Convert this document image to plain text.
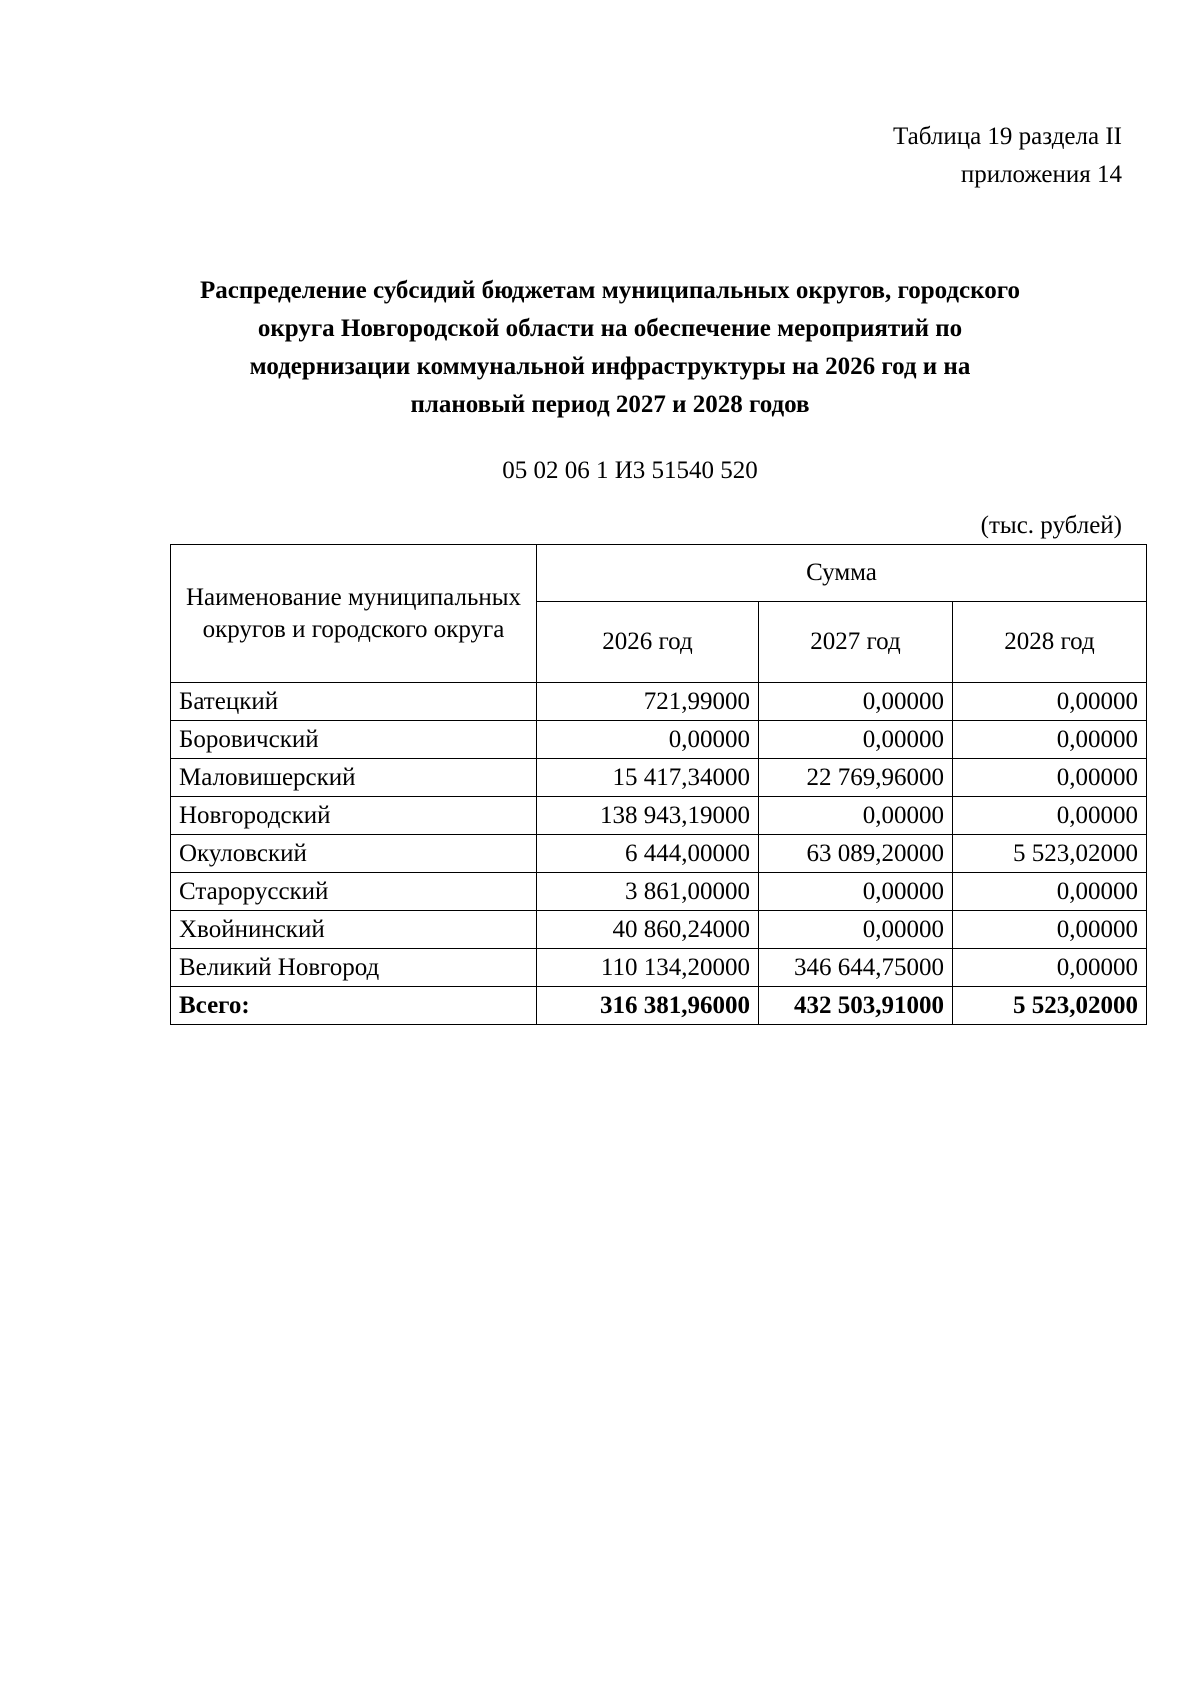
Таблица 19 раздела II
приложения 14
Распределение субсидий бюджетам муниципальных округов, городского
округа Новгородской области на обеспечение мероприятий по
модернизации коммунальной инфраструктуры на 2026 год и на
плановый период 2027 и 2028 годов
05 02 06 1 И3 51540 520
(тыс. рублей)
Наименование муниципальных округов и городского округа	Сумма		
	2026 год	2027 год	2028 год
Батецкий	721,99000	0,00000	0,00000
Боровичский	0,00000	0,00000	0,00000
Маловишерский	15 417,34000	22 769,96000	0,00000
Новгородский	138 943,19000	0,00000	0,00000
Окуловский	6 444,00000	63 089,20000	5 523,02000
Старорусский	3 861,00000	0,00000	0,00000
Хвойнинский	40 860,24000	0,00000	0,00000
Великий Новгород	110 134,20000	346 644,75000	0,00000
Всего:	316 381,96000	432 503,91000	5 523,02000
